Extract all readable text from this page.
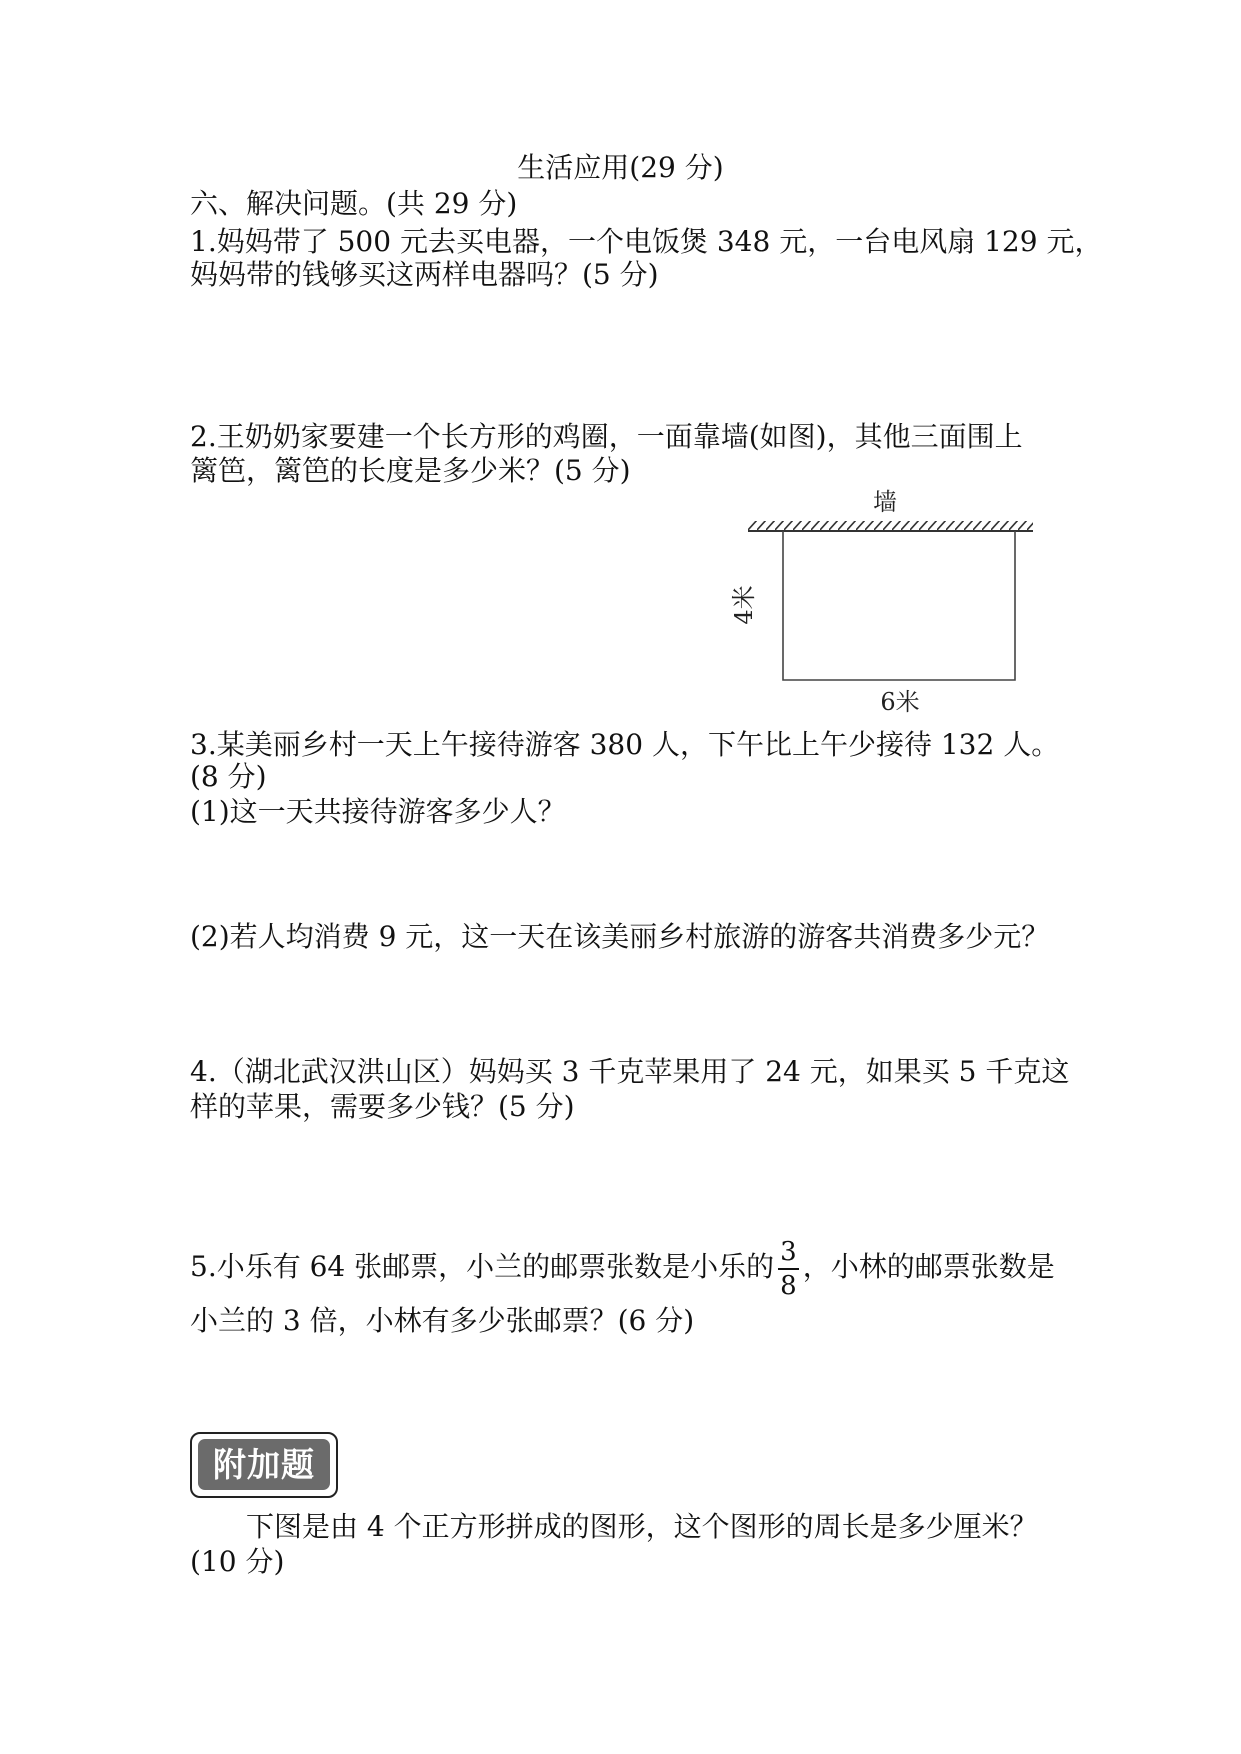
生活应用(29 分)
六、解决问题。(共 29 分)
1.妈妈带了 500 元去买电器，一个电饭煲 348 元，一台电风扇 129 元，
妈妈带的钱够买这两样电器吗？(5 分)
2.王奶奶家要建一个长方形的鸡圈，一面靠墙(如图)，其他三面围上
篱笆，篱笆的长度是多少米？(5 分)
墙
4米
6米
3.某美丽乡村一天上午接待游客 380 人，下午比上午少接待 132 人。
(8 分)
(1)这一天共接待游客多少人？
(2)若人均消费 9 元，这一天在该美丽乡村旅游的游客共消费多少元？
4.（湖北武汉洪山区）妈妈买 3 千克苹果用了 24 元，如果买 5 千克这
样的苹果，需要多少钱？(5 分)
5.小乐有 64 张邮票，小兰的邮票张数是小乐的 $\frac{3}{8}$ ，小林的邮票张数是
小兰的 3 倍，小林有多少张邮票？(6 分)
附加题
下图是由 4 个正方形拼成的图形，这个图形的周长是多少厘米？
(10 分)
